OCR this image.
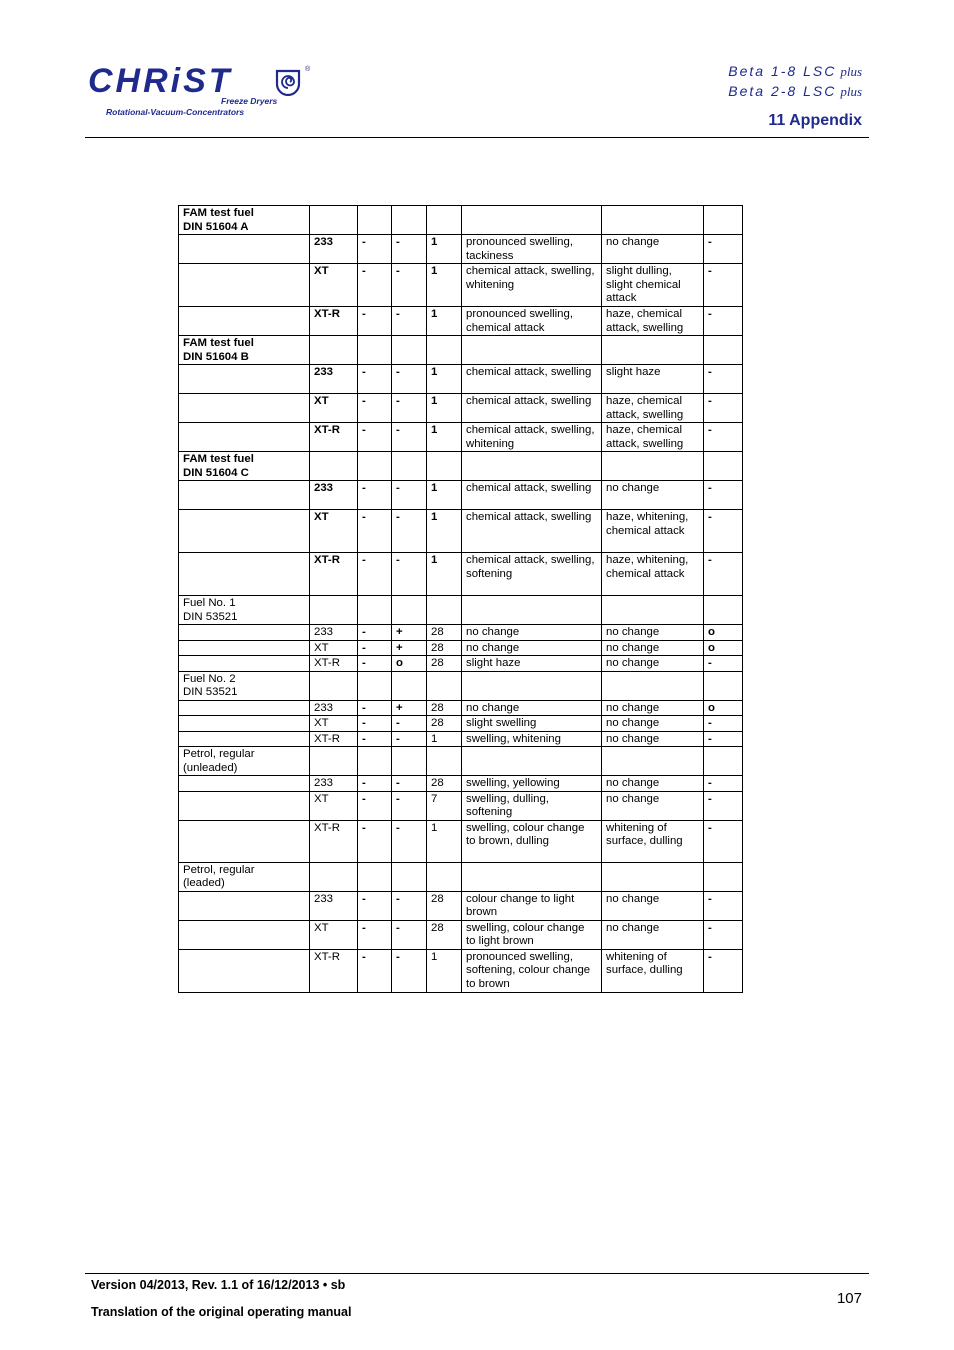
CHRiST	®
Freeze Dryers
Rotational-Vacuum-Concentrators
Beta 1-8 LSC plus
Beta 2-8 LSC plus
11 Appendix
FAM test fuel
DIN 51604 A							

	233	-	-	1	pronounced swelling, tackiness	no change	-
	XT	-	-	1	chemical attack, swelling, whitening	slight dulling, slight chemical attack	-
	XT-R	-	-	1	pronounced swelling, chemical attack	haze, chemical attack, swelling	-

FAM test fuel
DIN 51604 B							

	233	-	-	1	chemical attack, swelling	slight haze	-
	XT	-	-	1	chemical attack, swelling	haze, chemical attack, swelling	-
	XT-R	-	-	1	chemical attack, swelling, whitening	haze, chemical attack, swelling	-

FAM test fuel
DIN 51604 C							

	233	-	-	1	chemical attack, swelling	no change	-
	XT	-	-	1	chemical attack, swelling	haze, whitening, chemical attack	-
	XT-R	-	-	1	chemical attack, swelling, softening	haze, whitening, chemical attack	-

Fuel No. 1
DIN 53521							

	233	-	+	28	no change	no change	o
	XT	-	+	28	no change	no change	o
	XT-R	-	o	28	slight haze	no change	-

Fuel No. 2
DIN 53521							

	233	-	+	28	no change	no change	o
	XT	-	-	28	slight swelling	no change	-
	XT-R	-	-	1	swelling, whitening	no change	-

Petrol, regular
(unleaded)							

	233	-	-	28	swelling, yellowing	no change	-
	XT	-	-	7	swelling, dulling, softening	no change	-
	XT-R	-	-	1	swelling, colour change to brown, dulling	whitening of surface, dulling	-

Petrol, regular
(leaded)							

	233	-	-	28	colour change to light brown	no change	-
	XT	-	-	28	swelling, colour change to light brown	no change	-
	XT-R	-	-	1	pronounced swelling, softening, colour change to brown	whitening of surface, dulling	-
Version 04/2013, Rev. 1.1 of 16/12/2013 • sb
Translation of the original operating manual
107
